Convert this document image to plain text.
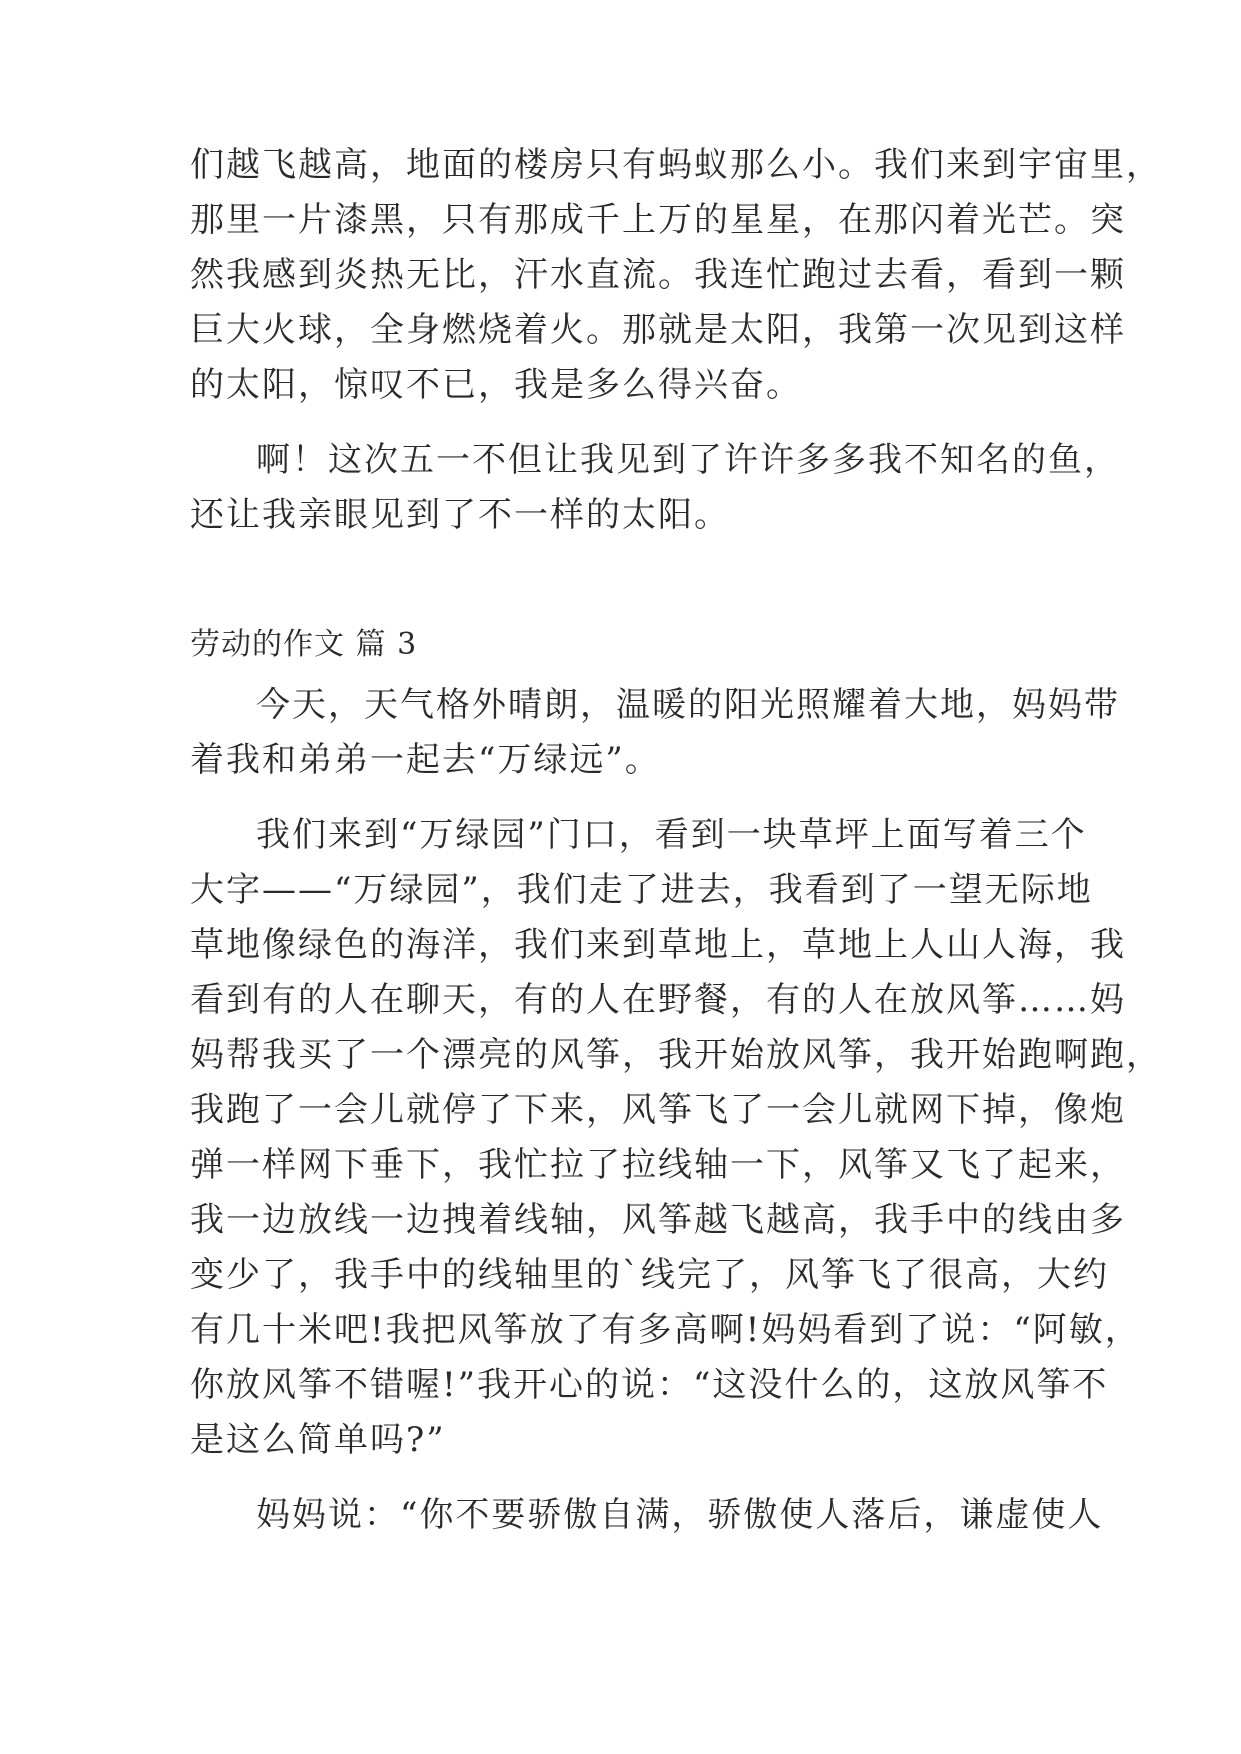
们越飞越高，地面的楼房只有蚂蚁那么小。我们来到宇宙里，
那里一片漆黑，只有那成千上万的星星，在那闪着光芒。突
然我感到炎热无比，汗水直流。我连忙跑过去看，看到一颗
巨大火球，全身燃烧着火。那就是太阳，我第一次见到这样
的太阳，惊叹不已，我是多么得兴奋。
啊！这次五一不但让我见到了许许多多我不知名的鱼，
还让我亲眼见到了不一样的太阳。
劳动的作文 篇 3
今天，天气格外晴朗，温暖的阳光照耀着大地，妈妈带
着我和弟弟一起去“万绿远”。
我们来到“万绿园”门口，看到一块草坪上面写着三个
大字——“万绿园”，我们走了进去，我看到了一望无际地
草地像绿色的海洋，我们来到草地上，草地上人山人海，我
看到有的人在聊天，有的人在野餐，有的人在放风筝……妈
妈帮我买了一个漂亮的风筝，我开始放风筝，我开始跑啊跑，
我跑了一会儿就停了下来，风筝飞了一会儿就网下掉，像炮
弹一样网下垂下，我忙拉了拉线轴一下，风筝又飞了起来，
我一边放线一边拽着线轴，风筝越飞越高，我手中的线由多
变少了，我手中的线轴里的`线完了，风筝飞了很高，大约
有几十米吧!我把风筝放了有多高啊!妈妈看到了说：“阿敏，
你放风筝不错喔!”我开心的说：“这没什么的，这放风筝不
是这么简单吗?”
妈妈说：“你不要骄傲自满，骄傲使人落后，谦虚使人
